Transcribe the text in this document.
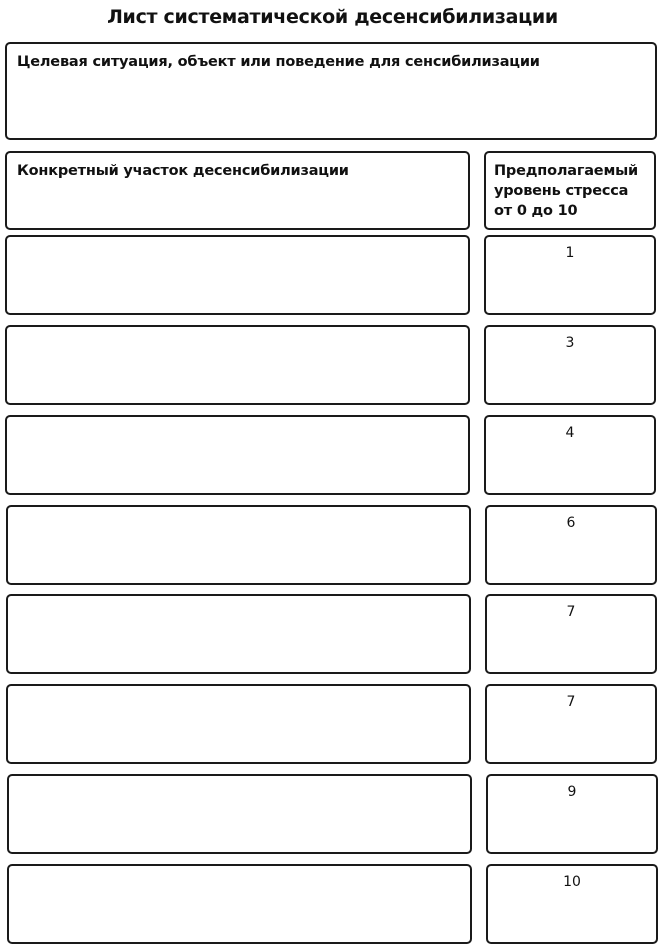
Лист систематической десенсибилизации
Целевая ситуация, объект или поведение для сенсибилизации
Конкретный участок десенсибилизации	Предполагаемый
уровень стресса
от 0 до 10
1
3
4
6
7
7
9
10
